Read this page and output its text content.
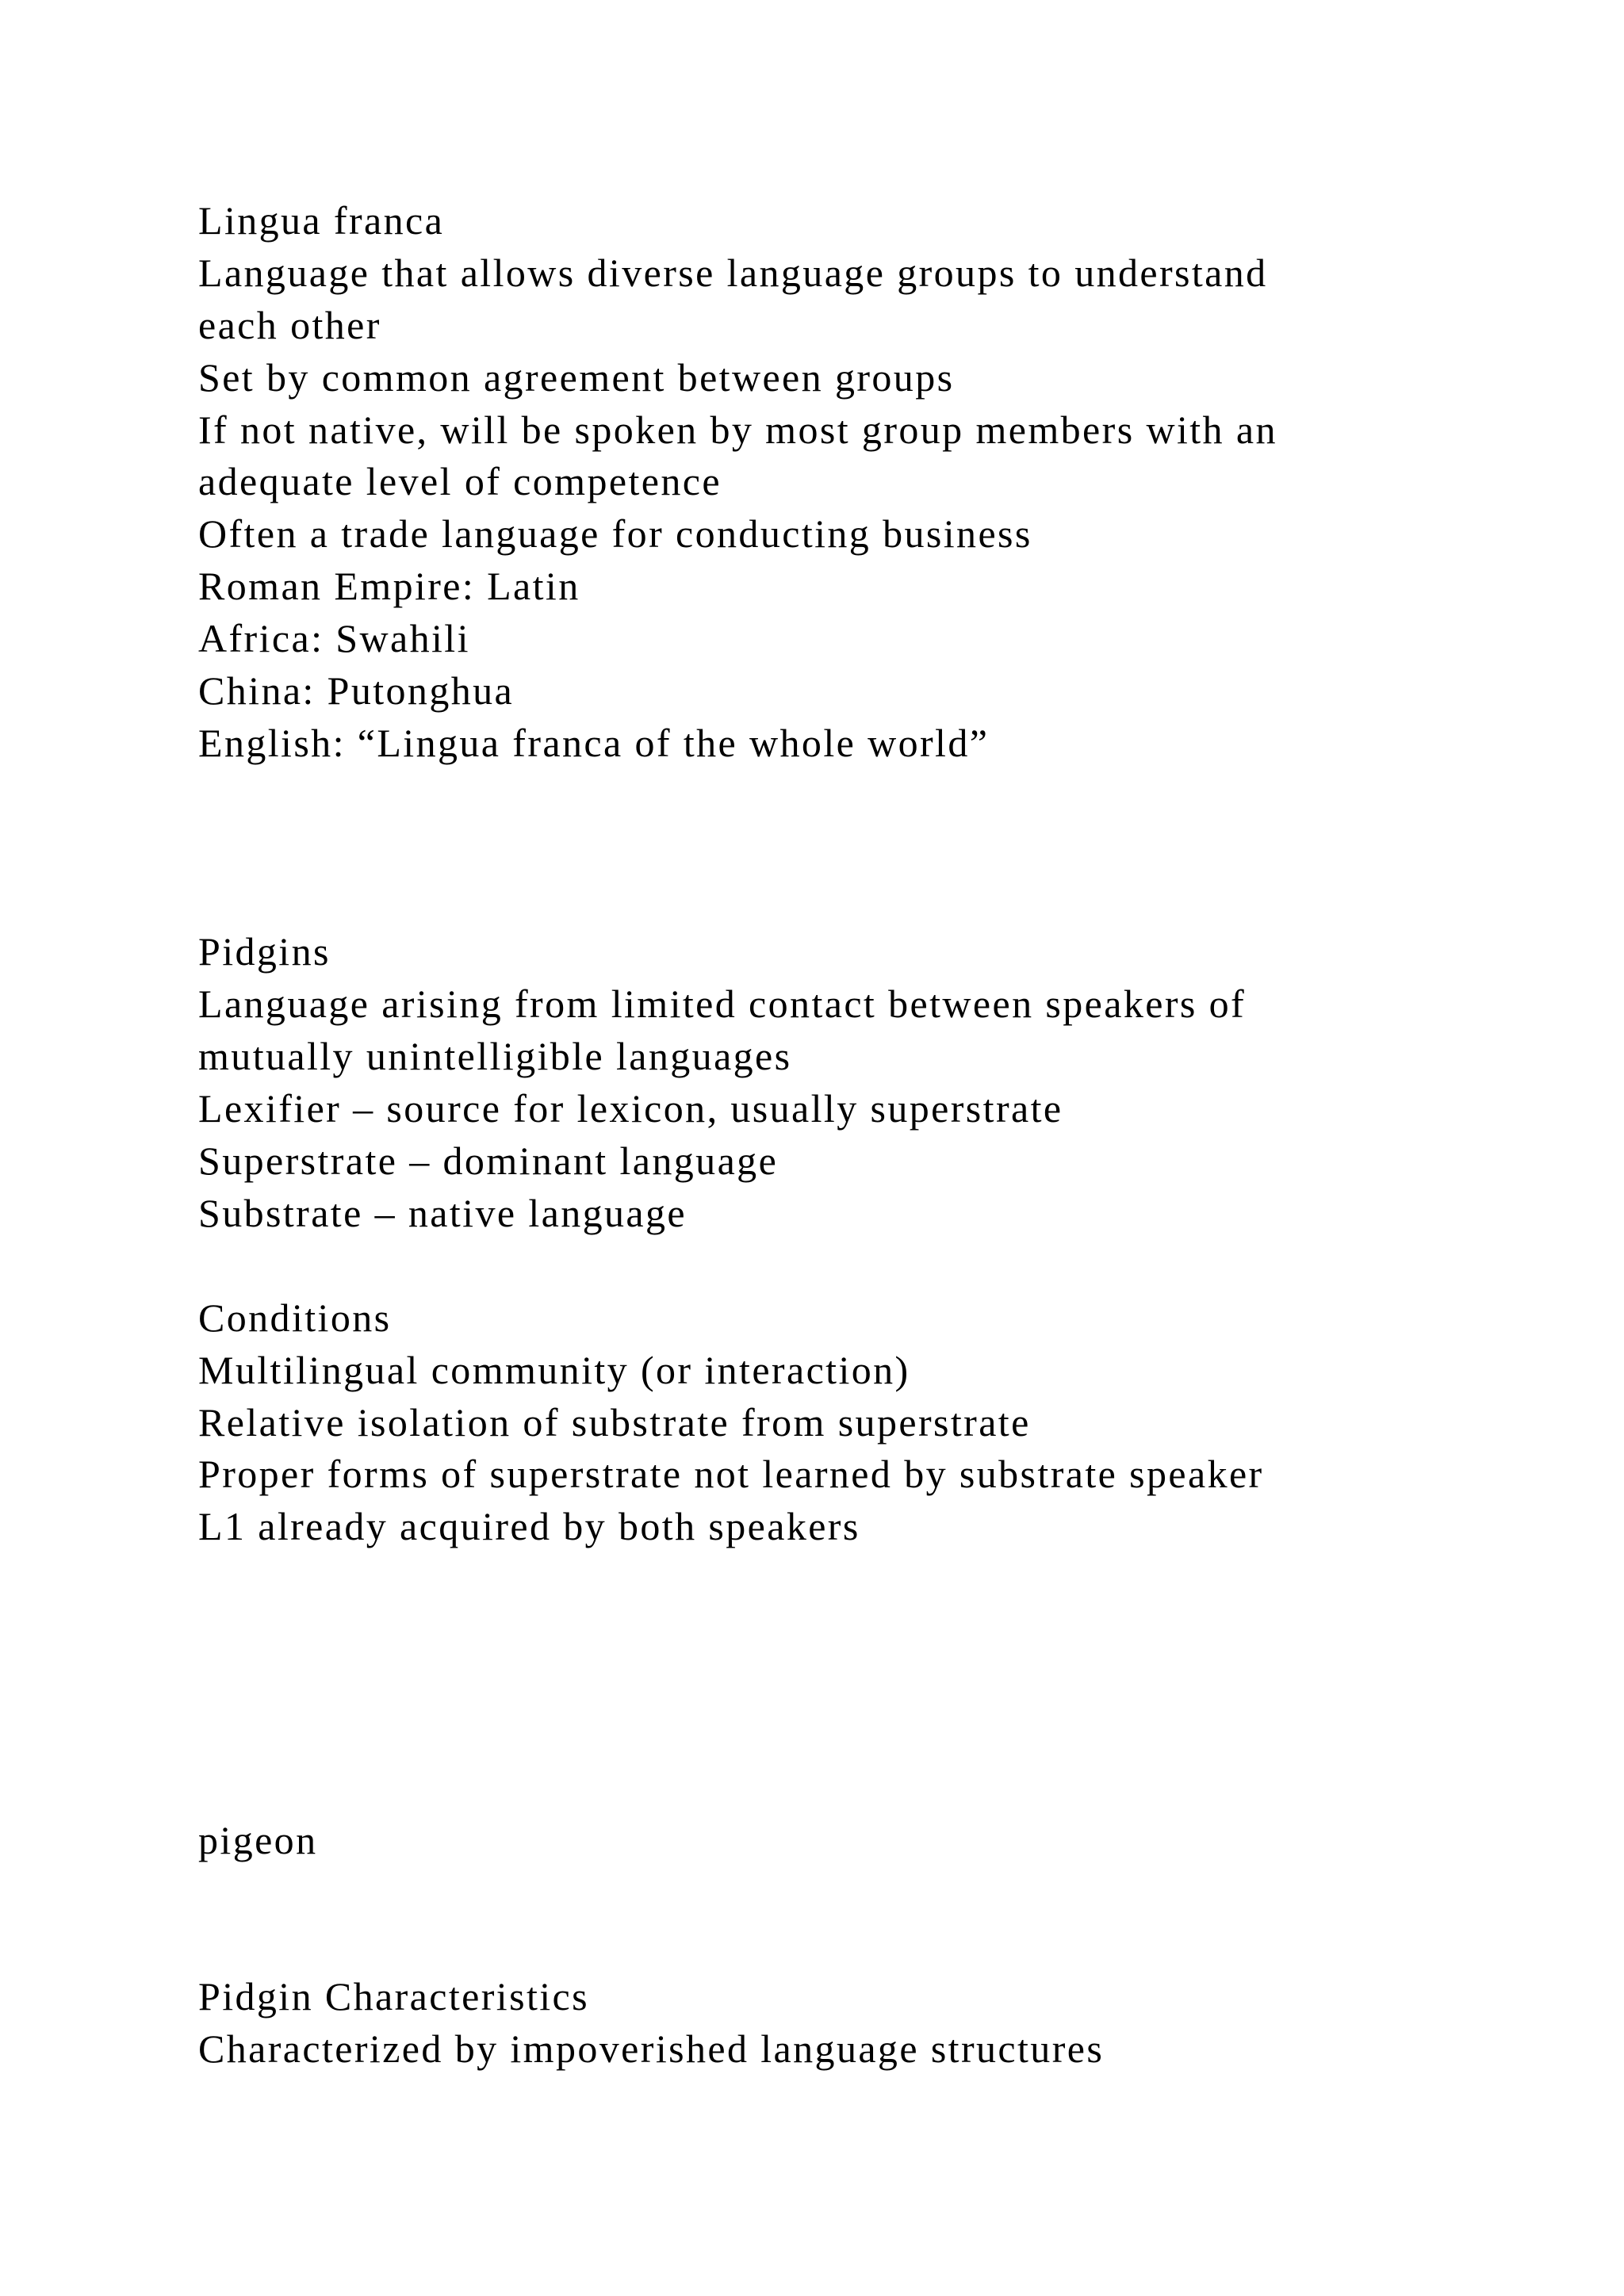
Lingua franca
Language that allows diverse language groups to understand
each other
Set by common agreement between groups
If not native, will be spoken by most group members with an
adequate level of competence
Often a trade language for conducting business
Roman Empire: Latin
Africa: Swahili
China: Putonghua
English: “Lingua franca of the whole world”
Pidgins
Language arising from limited contact between speakers of
mutually unintelligible languages
Lexifier – source for lexicon, usually superstrate
Superstrate – dominant language
Substrate – native language
Conditions
Multilingual community (or interaction)
Relative isolation of substrate from superstrate
Proper forms of superstrate not learned by substrate speaker
L1 already acquired by both speakers
pigeon
Pidgin Characteristics
Characterized by impoverished language structures
